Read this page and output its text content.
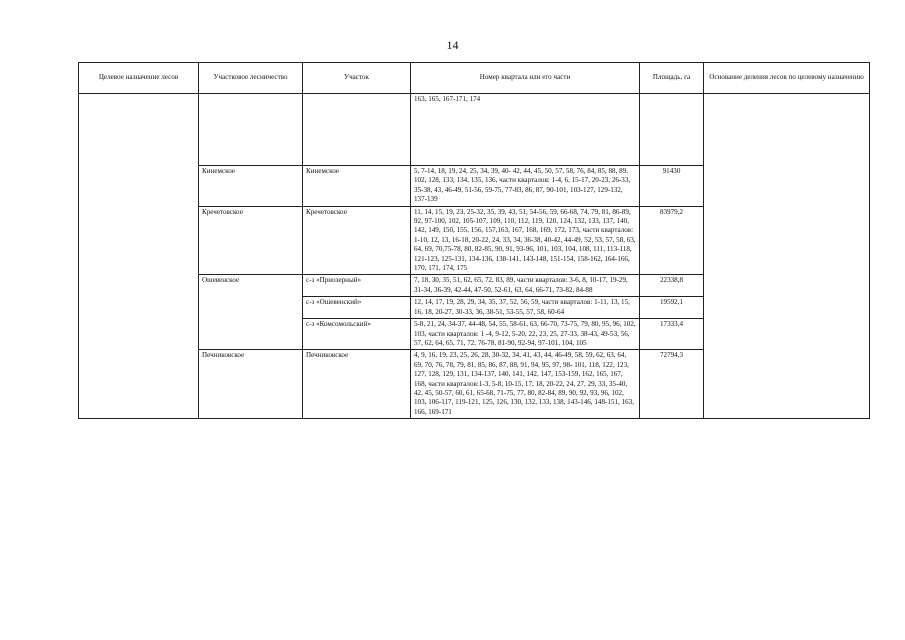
14
Целевое назначение лесов	Участковое лесничество	Участок	Номер квартала или его части	Площадь, га	Основание деления лесов по целевому назначению
			163, 165, 167-171, 174		
	Кинемское	Кинемское	5, 7-14, 18, 19, 24, 25, 34, 39, 40- 42, 44, 45, 50, 57, 58, 76, 84, 85, 88, 89, 102, 128, 133, 134, 135, 136, части кварталов: 1-4, 6, 15-17, 20-23, 26-33, 35-38, 43, 46-49, 51-56, 59-75, 77-83, 86, 87, 90-101, 103-127, 129-132, 137-139	91430	
	Кречетовское	Кречетовское	11, 14, 15, 19, 23, 25-32, 35, 39, 43, 51, 54-56, 59, 66-68, 74, 79, 81, 86-89, 92, 97-100, 102, 105-107, 109, 110, 112, 119, 120, 124, 132, 133, 137, 140, 142, 149, 150, 155, 156, 157,163, 167, 168, 169, 172, 173, части кварталов: 1-10, 12, 13, 16-18, 20-22, 24, 33, 34, 36-38, 40-42, 44-49, 52, 53, 57, 58, 63, 64, 69, 70,75-78, 80, 82-85, 90, 91, 93-96, 101, 103, 104, 108, 111, 113-118, 121-123, 125-131, 134-136, 138-141, 143-148, 151-154, 158-162, 164-166, 170, 171, 174, 175	83979,2	
	Ошевенское	с-з «Приозерный»	7, 18, 30, 35, 51, 62, 65, 72, 83, 89, части кварталов: 3-6, 8, 10-17, 19-29, 31-34, 36-39, 42-44, 47-50, 52-61, 63, 64, 66-71, 73-82, 84-88	22338,8	
		с-з «Ошевенский»	12, 14, 17, 19, 28, 29, 34, 35, 37, 52, 56, 59, части кварталов: 1-11, 13, 15, 16, 18, 20-27, 30-33, 36, 38-51, 53-55, 57, 58, 60-64	19592,1	
		с-з «Комсомольский»	5-8, 21, 24, 34-37, 44-48, 54, 55, 58-61, 63, 66-70, 73-75, 79, 80, 95, 96, 102, 103, части кварталов: 1 -4, 9-12, 5-20, 22, 23, 25, 27-33, 38-43, 49-53, 56, 57, 62, 64, 65, 71, 72, 76-78, 81-90, 92-94, 97-101, 104, 105	17333,4	
	Печниковское	Печниковское	4, 9, 16, 19, 23, 25, 26, 28, 30-32, 34, 41, 43, 44, 46-49, 58, 59, 62, 63, 64, 69, 70, 76, 78, 79, 81, 85, 86, 87, 88, 91, 94, 95, 97, 98- 101, 118, 122, 123, 127, 128, 129, 131, 134-137, 140, 141, 142, 147, 153-159, 162, 165, 167, 168, части кварталов:1-3, 5-8, 10-15, 17, 18, 20-22, 24, 27, 29, 33, 35-40, 42, 45, 50-57, 60, 61, 65-68, 71-75, 77, 80, 82-84, 89, 90, 92, 93, 96, 102, 103, 106-117, 119-121, 125, 126, 130, 132, 133, 138, 143-146, 148-151, 163, 166, 169-171	72794,3	
